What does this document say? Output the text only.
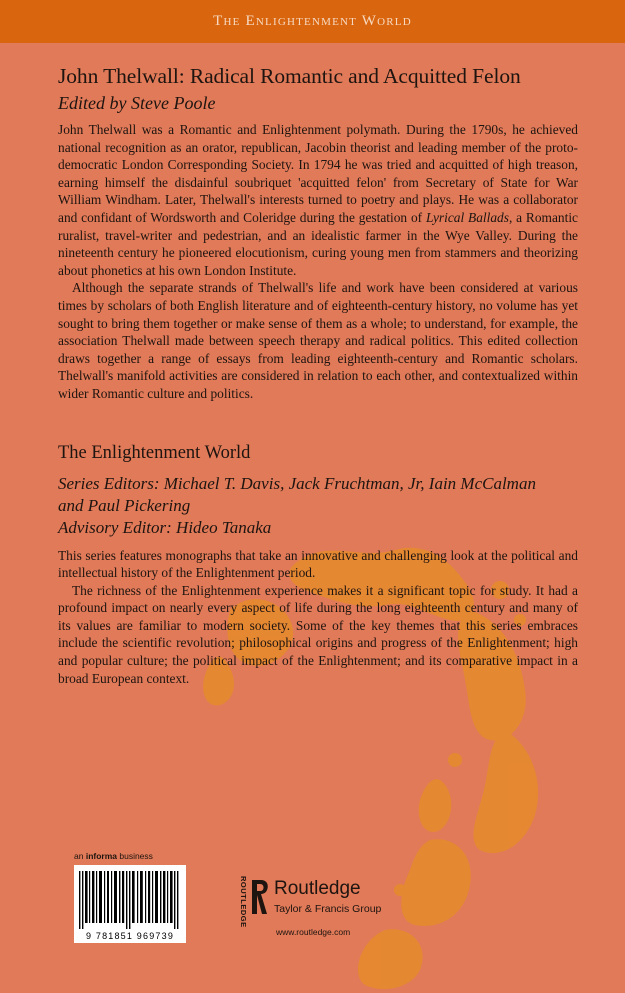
The Enlightenment World
John Thelwall: Radical Romantic and Acquitted Felon
Edited by Steve Poole

John Thelwall was a Romantic and Enlightenment polymath. During the 1790s, he achieved national recognition as an orator, republican, Jacobin theorist and leading member of the proto-democratic London Corresponding Society. In 1794 he was tried and acquitted of high treason, earning himself the disdainful soubriquet 'acquitted felon' from Secretary of State for War William Windham. Later, Thelwall's interests turned to poetry and plays. He was a collaborator and confidant of Wordsworth and Coleridge during the gestation of Lyrical Ballads, a Romantic ruralist, travel-writer and pedestrian, and an idealistic farmer in the Wye Valley. During the nineteenth century he pioneered elocutionism, curing young men from stammers and theorizing about phonetics at his own London Institute.

Although the separate strands of Thelwall's life and work have been considered at various times by scholars of both English literature and of eighteenth-century history, no volume has yet sought to bring them together or make sense of them as a whole; to understand, for example, the association Thelwall made between speech therapy and radical politics. This edited collection draws together a range of essays from leading eighteenth-century and Romantic scholars. Thelwall's manifold activities are considered in relation to each other, and contextualized within wider Romantic culture and politics.

The Enlightenment World
Series Editors: Michael T. Davis, Jack Fruchtman, Jr, Iain McCalman
and Paul Pickering
Advisory Editor: Hideo Tanaka

This series features monographs that take an innovative and challenging look at the political and intellectual history of the Enlightenment period.

The richness of the Enlightenment experience makes it a significant topic for study. It had a profound impact on nearly every aspect of life during the long eighteenth century and many of its values are familiar to modern society. Some of the key themes that this series embraces include the scientific revolution; philosophical origins and progress of the Enlightenment; high and popular culture; the political impact of the Enlightenment; and its comparative impact in a broad European context.

an informa business
9 781851 969739
ROUTLEDGE Routledge
Taylor & Francis Group
www.routledge.com
